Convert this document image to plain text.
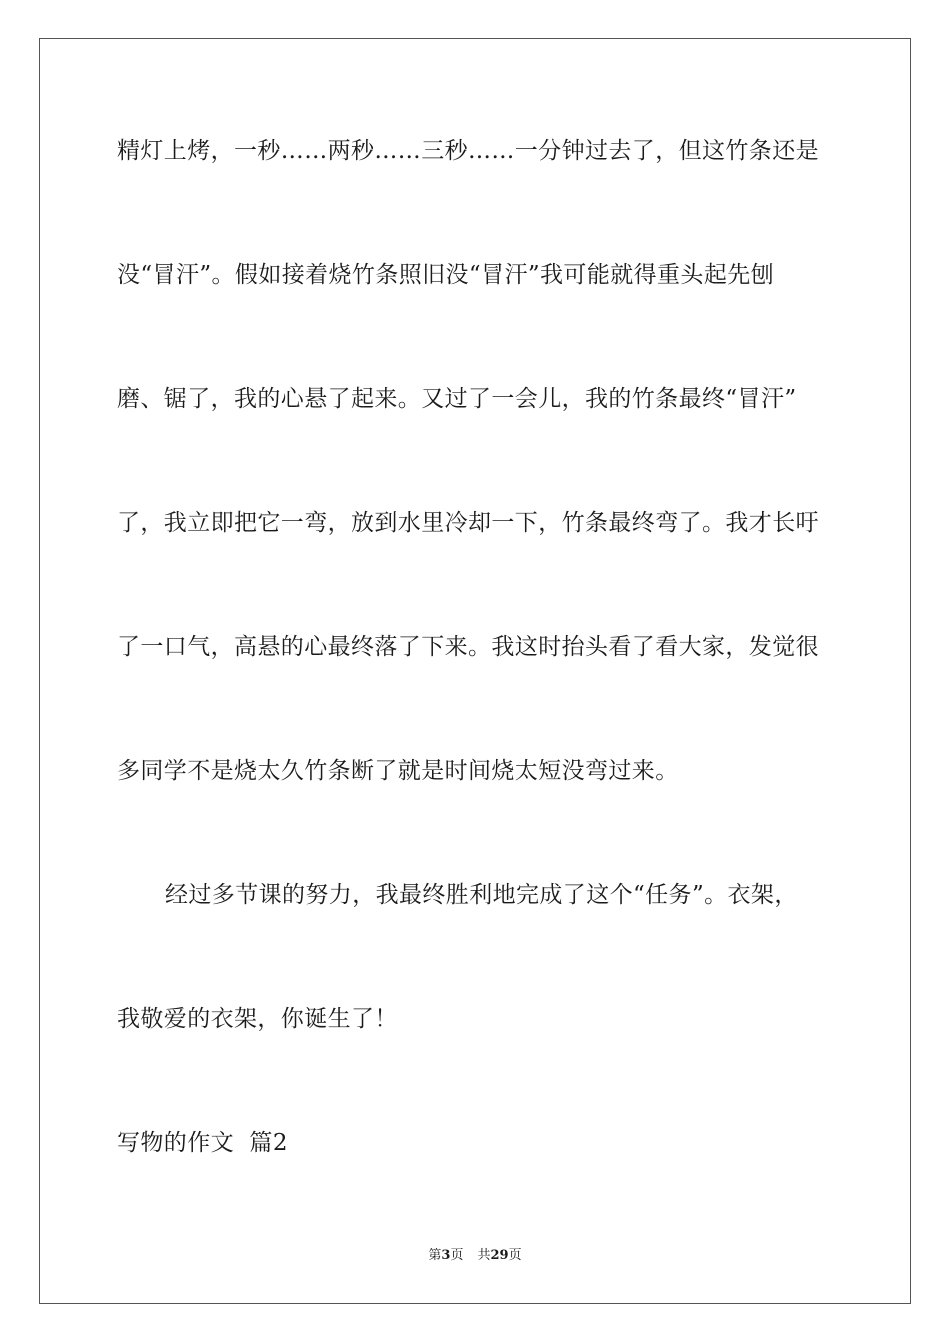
精灯上烤，一秒……两秒……三秒……一分钟过去了，但这竹条还是
没“冒汗”。假如接着烧竹条照旧没“冒汗”我可能就得重头起先刨
磨、锯了，我的心悬了起来。又过了一会儿，我的竹条最终“冒汗”
了，我立即把它一弯，放到水里冷却一下，竹条最终弯了。我才长吁
了一口气，高悬的心最终落了下来。我这时抬头看了看大家，发觉很
多同学不是烧太久竹条断了就是时间烧太短没弯过来。
经过多节课的努力，我最终胜利地完成了这个“任务”。衣架，
我敬爱的衣架，你诞生了！
写物的作文  篇2
第3页 共29页
